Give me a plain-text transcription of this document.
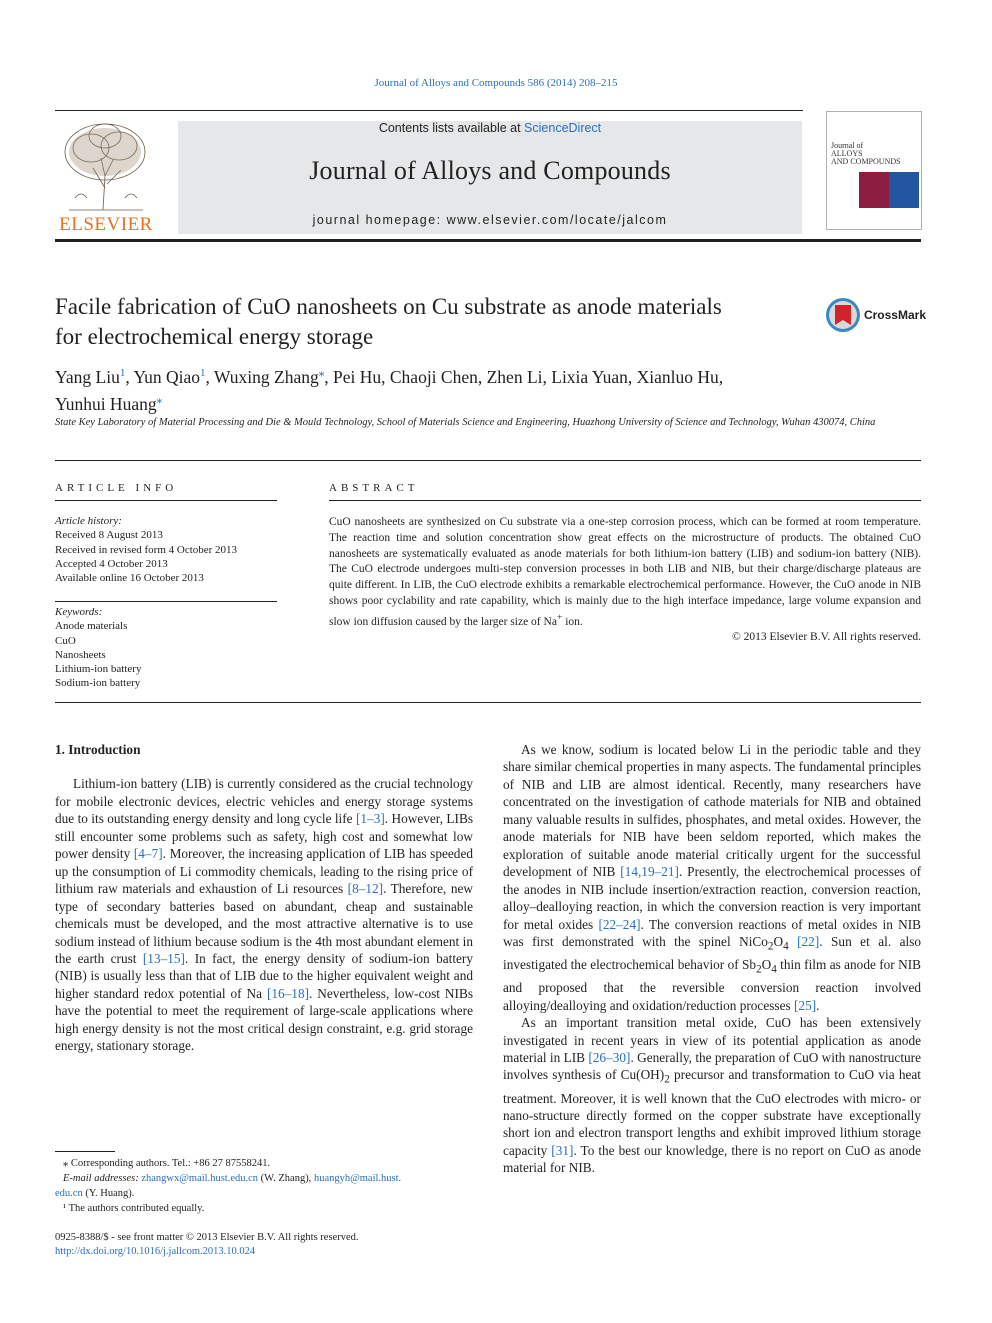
Journal of Alloys and Compounds 586 (2014) 208–215
ELSEVIER
Contents lists available at ScienceDirect
Journal of Alloys and Compounds
journal homepage: www.elsevier.com/locate/jalcom
Journal of
ALLOYS
AND COMPOUNDS
Facile fabrication of CuO nanosheets on Cu substrate as anode materials
for electrochemical energy storage
CrossMark
Yang Liu$^1$, Yun Qiao$^1$, Wuxing Zhang⁎, Pei Hu, Chaoji Chen, Zhen Li, Lixia Yuan, Xianluo Hu,
Yunhui Huang⁎
State Key Laboratory of Material Processing and Die & Mould Technology, School of Materials Science and Engineering, Huazhong University of Science and Technology, Wuhan 430074, China
ARTICLE INFO
Article history:
Received 8 August 2013
Received in revised form 4 October 2013
Accepted 4 October 2013
Available online 16 October 2013
Keywords:
Anode materials
CuO
Nanosheets
Lithium-ion battery
Sodium-ion battery
ABSTRACT
CuO nanosheets are synthesized on Cu substrate via a one-step corrosion process, which can be formed at room temperature. The reaction time and solution concentration show great effects on the microstructure of products. The obtained CuO nanosheets are systematically evaluated as anode materials for both lithium-ion battery (LIB) and sodium-ion battery (NIB). The CuO electrode undergoes multi-step conversion processes in both LIB and NIB, but their charge/discharge plateaus are quite different. In LIB, the CuO electrode exhibits a remarkable electrochemical performance. However, the CuO anode in NIB shows poor cyclability and rate capability, which is mainly due to the high interface impedance, large volume expansion and slow ion diffusion caused by the larger size of Na+ ion.
© 2013 Elsevier B.V. All rights reserved.
1. Introduction

Lithium-ion battery (LIB) is currently considered as the crucial technology for mobile electronic devices, electric vehicles and energy storage systems due to its outstanding energy density and long cycle life [1–3]. However, LIBs still encounter some problems such as safety, high cost and somewhat low power density [4–7]. Moreover, the increasing application of LIB has speeded up the consumption of Li commodity chemicals, leading to the rising price of lithium raw materials and exhaustion of Li resources [8–12]. Therefore, new type of secondary batteries based on abundant, cheap and sustainable chemicals must be developed, and the most attractive alternative is to use sodium instead of lithium because sodium is the 4th most abundant element in the earth crust [13–15]. In fact, the energy density of sodium-ion battery (NIB) is usually less than that of LIB due to the higher equivalent weight and higher standard redox potential of Na [16–18]. Nevertheless, low-cost NIBs have the potential to meet the requirement of large-scale applications where high energy density is not the most critical design constraint, e.g. grid storage energy, stationary storage.

As we know, sodium is located below Li in the periodic table and they share similar chemical properties in many aspects. The fundamental principles of NIB and LIB are almost identical. Recently, many researchers have concentrated on the investigation of cathode materials for NIB and obtained many valuable results in sulfides, phosphates, and metal oxides. However, the anode materials for NIB have been seldom reported, which makes the exploration of suitable anode material critically urgent for the successful development of NIB [14,19–21]. Presently, the electrochemical processes of the anodes in NIB include insertion/extraction reaction, conversion reaction, alloy–dealloying reaction, in which the conversion reaction is very important for metal oxides [22–24]. The conversion reactions of metal oxides in NIB was first demonstrated with the spinel $NiCo_2O_4$ [22]. Sun et al. also investigated the electrochemical behavior of $Sb_2O_4$ thin film as anode for NIB and proposed that the reversible conversion reaction involved alloying/dealloying and oxidation/reduction processes [25].

As an important transition metal oxide, CuO has been extensively investigated in recent years in view of its potential application as anode material in LIB [26–30]. Generally, the preparation of CuO with nanostructure involves synthesis of $Cu(OH)_2$ precursor and transformation to CuO via heat treatment. Moreover, it is well known that the CuO electrodes with micro- or nano-structure directly formed on the copper substrate have exceptionally short ion and electron transport lengths and exhibit improved lithium storage capacity [31]. To the best our knowledge, there is no report on CuO as anode material for NIB.

⁎ Corresponding authors. Tel.: +86 27 87558241.
E-mail addresses: zhangwx@mail.hust.edu.cn (W. Zhang), huangyh@mail.hust.
edu.cn (Y. Huang).
¹ The authors contributed equally.
0925-8388/$ - see front matter © 2013 Elsevier B.V. All rights reserved.
http://dx.doi.org/10.1016/j.jallcom.2013.10.024
